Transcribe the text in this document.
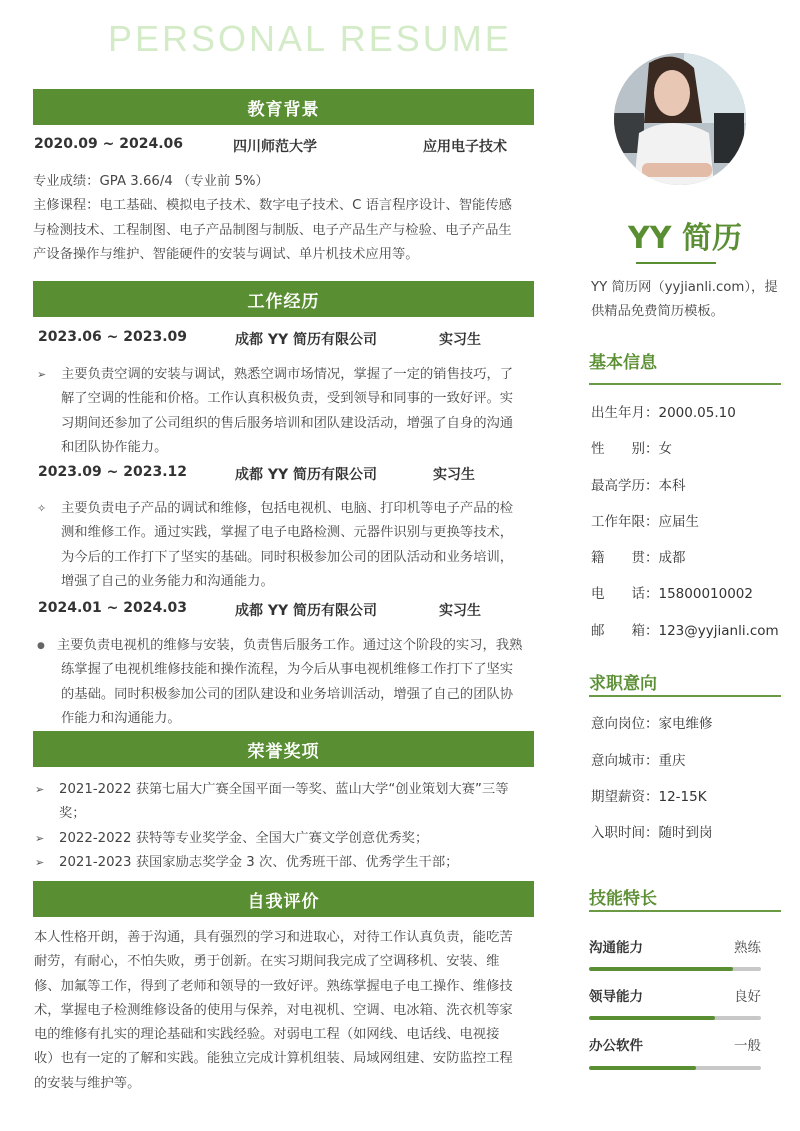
PERSONAL RESUME
教育背景
2020.09 ~ 2024.06	四川师范大学	应用电子技术
专业成绩：GPA 3.66/4 （专业前 5%）
主修课程：电工基础、模拟电子技术、数字电子技术、C 语言程序设计、智能传感与检测技术、工程制图、电子产品制图与制版、电子产品生产与检验、电子产品生产设备操作与维护、智能硬件的安装与调试、单片机技术应用等。
工作经历
2023.06 ~ 2023.09	成都 YY 简历有限公司	实习生
➢	主要负责空调的安装与调试，熟悉空调市场情况，掌握了一定的销售技巧，了解了空调的性能和价格。工作认真积极负责，受到领导和同事的一致好评。实习期间还参加了公司组织的售后服务培训和团队建设活动，增强了自身的沟通和团队协作能力。
2023.09 ~ 2023.12	成都 YY 简历有限公司	实习生
✧	主要负责电子产品的调试和维修，包括电视机、电脑、打印机等电子产品的检测和维修工作。通过实践，掌握了电子电路检测、元器件识别与更换等技术，为今后的工作打下了坚实的基础。同时积极参加公司的团队活动和业务培训，增强了自己的业务能力和沟通能力。
2024.01 ~ 2024.03	成都 YY 简历有限公司	实习生
● 主要负责电视机的维修与安装，负责售后服务工作。通过这个阶段的实习，我熟练掌握了电视机维修技能和操作流程，为今后从事电视机维修工作打下了坚实的基础。同时积极参加公司的团队建设和业务培训活动，增强了自己的团队协作能力和沟通能力。
荣誉奖项
➢	2021-2022 获第七届大广赛全国平面一等奖、蓝山大学“创业策划大赛”三等奖；
➢	2022-2022 获特等专业奖学金、全国大广赛文学创意优秀奖；
➢	2021-2023 获国家励志奖学金 3 次、优秀班干部、优秀学生干部；
自我评价
本人性格开朗，善于沟通，具有强烈的学习和进取心，对待工作认真负责，能吃苦耐劳，有耐心，不怕失败，勇于创新。在实习期间我完成了空调移机、安装、维修、加氟等工作，得到了老师和领导的一致好评。熟练掌握电子电工操作、维修技术，掌握电子检测维修设备的使用与保养，对电视机、空调、电冰箱、洗衣机等家电的维修有扎实的理论基础和实践经验。对弱电工程（如网线、电话线、电视接收）也有一定的了解和实践。能独立完成计算机组装、局域网组建、安防监控工程的安装与维护等。
YY 简历
YY 简历网（yyjianli.com），提供精品免费简历模板。
基本信息
出生年月：2000.05.10
性　　别：女
最高学历：本科
工作年限：应届生
籍　　贯：成都
电　　话：15800010002
邮　　箱：123@yyjianli.com
求职意向
意向岗位：家电维修
意向城市：重庆
期望薪资：12-15K
入职时间：随时到岗
技能特长
沟通能力	熟练
领导能力	良好
办公软件	一般
